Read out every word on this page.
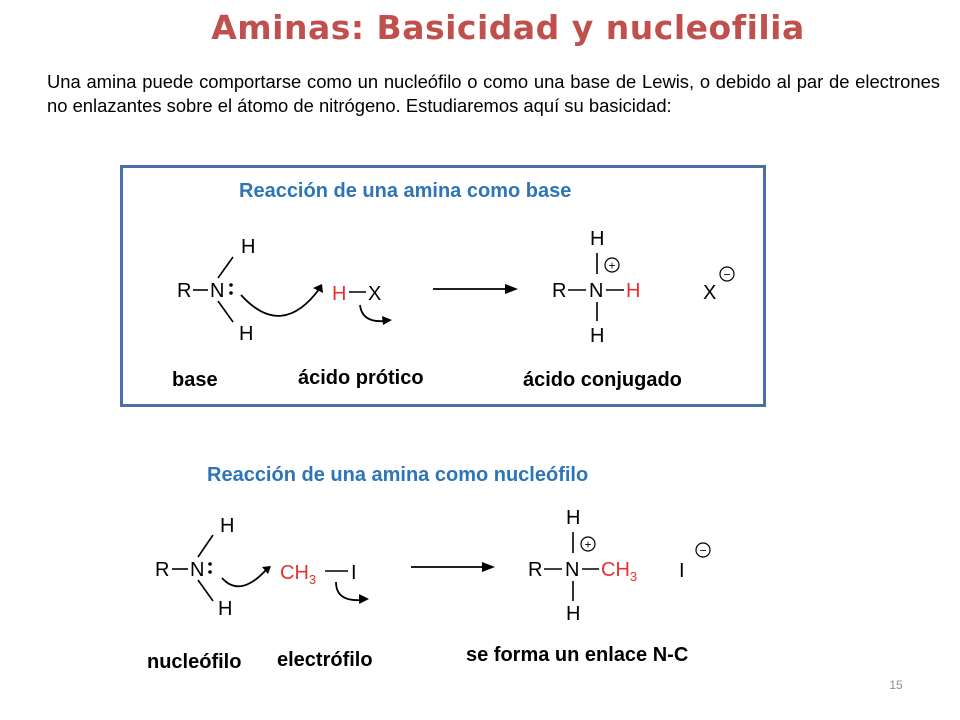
Aminas: Basicidad y nucleofilia
Una amina puede comportarse como un nucleófilo o como una base de Lewis, o debido al par de electrones no enlazantes sobre el átomo de nitrógeno. Estudiaremos aquí su basicidad:
Reacción de una amina como base
R N
H
H
H X
H
+
R N H
H
X
−
base	ácido prótico	ácido conjugado
Reacción de una amina como nucleófilo
R N
H
H
$CH_3$ I
H
+
R N $CH_3$
H
I
−
nucleófilo electrófilo	se forma un enlace N-C
15
